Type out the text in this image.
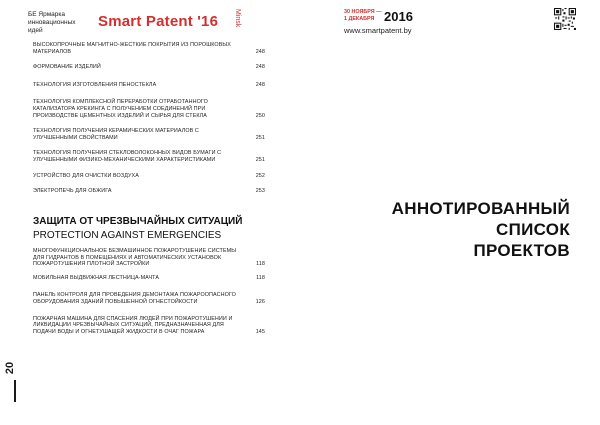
БЕ Ярмарка
инновационных
идей
Smart Patent '16 Minsk
ВЫСОКОПРОЧНЫЕ МАГНИТНО-ЖЕСТКИЕ ПОКРЫТИЯ ИЗ ПОРОШКОВЫХ МАТЕРИАЛОВ	248
ФОРМОВАНИЕ ИЗДЕЛИЙ	248
ТЕХНОЛОГИЯ ИЗГОТОВЛЕНИЯ ПЕНОСТЕКЛА	248
ТЕХНОЛОГИЯ КОМПЛЕКСНОЙ ПЕРЕРАБОТКИ ОТРАБОТАННОГО КАТАЛИЗАТОРА КРЕКИНГА С ПОЛУЧЕНИЕМ СОЕДИНЕНИЙ ПРИ ПРОИЗВОДСТВЕ ЦЕМЕНТНЫХ ИЗДЕЛИЙ И СЫРЬЯ ДЛЯ СТЕКЛА	250
ТЕХНОЛОГИЯ ПОЛУЧЕНИЯ КЕРАМИЧЕСКИХ МАТЕРИАЛОВ С УЛУЧШЕННЫМИ СВОЙСТВАМИ	251
ТЕХНОЛОГИЯ ПОЛУЧЕНИЯ СТЕКЛОВОЛОКОННЫХ ВИДОВ БУМАГИ С УЛУЧШЕННЫМИ ФИЗИКО-МЕХАНИЧЕСКИМИ ХАРАКТЕРИСТИКАМИ	251
УСТРОЙСТВО ДЛЯ ОЧИСТКИ ВОЗДУХА	252
ЭЛЕКТРОПЕЧЬ ДЛЯ ОБЖИГА	253
ЗАЩИТА ОТ ЧРЕЗВЫЧАЙНЫХ СИТУАЦИЙ
PROTECTION AGAINST EMERGENCIES
МНОГОФУНКЦИОНАЛЬНОЕ БЕЗМАШИННОЕ ПОЖАРОТУШЕНИЕ СИСТЕМЫ ДЛЯ ГИДРАНТОВ В ПОМЕЩЕНИЯХ И АВТОМАТИЧЕСКИХ УСТАНОВОК ПОЖАРОТУШЕНИЯ ПЛОТНОЙ ЗАСТРОЙКИ	118
МОБИЛЬНАЯ ВЫДВИЖНАЯ ЛЕСТНИЦА-МАЧТА	118
ПАНЕЛЬ КОНТРОЛЯ ДЛЯ ПРОВЕДЕНИЯ ДЕМОНТАЖА ПОЖАРООПАСНОГО ОБОРУДОВАНИЯ ЗДАНИЙ ПОВЫШЕННОЙ ОГНЕСТОЙКОСТИ	126
ПОЖАРНАЯ МАШИНА ДЛЯ СПАСЕНИЯ ЛЮДЕЙ ПРИ ПОЖАРОТУШЕНИИ И ЛИКВИДАЦИИ ЧРЕЗВЫЧАЙНЫХ СИТУАЦИЙ, ПРЕДНАЗНАЧЕННАЯ ДЛЯ ПОДАЧИ ВОДЫ И ОГНЕТУШАЩЕЙ ЖИДКОСТИ В ОЧАГ ПОЖАРА	145
20
30 НОЯБРЯ —
1 ДЕКАБРЯ 2016
www.smartpatent.by
АННОТИРОВАННЫЙ
СПИСОК
ПРОЕКТОВ
